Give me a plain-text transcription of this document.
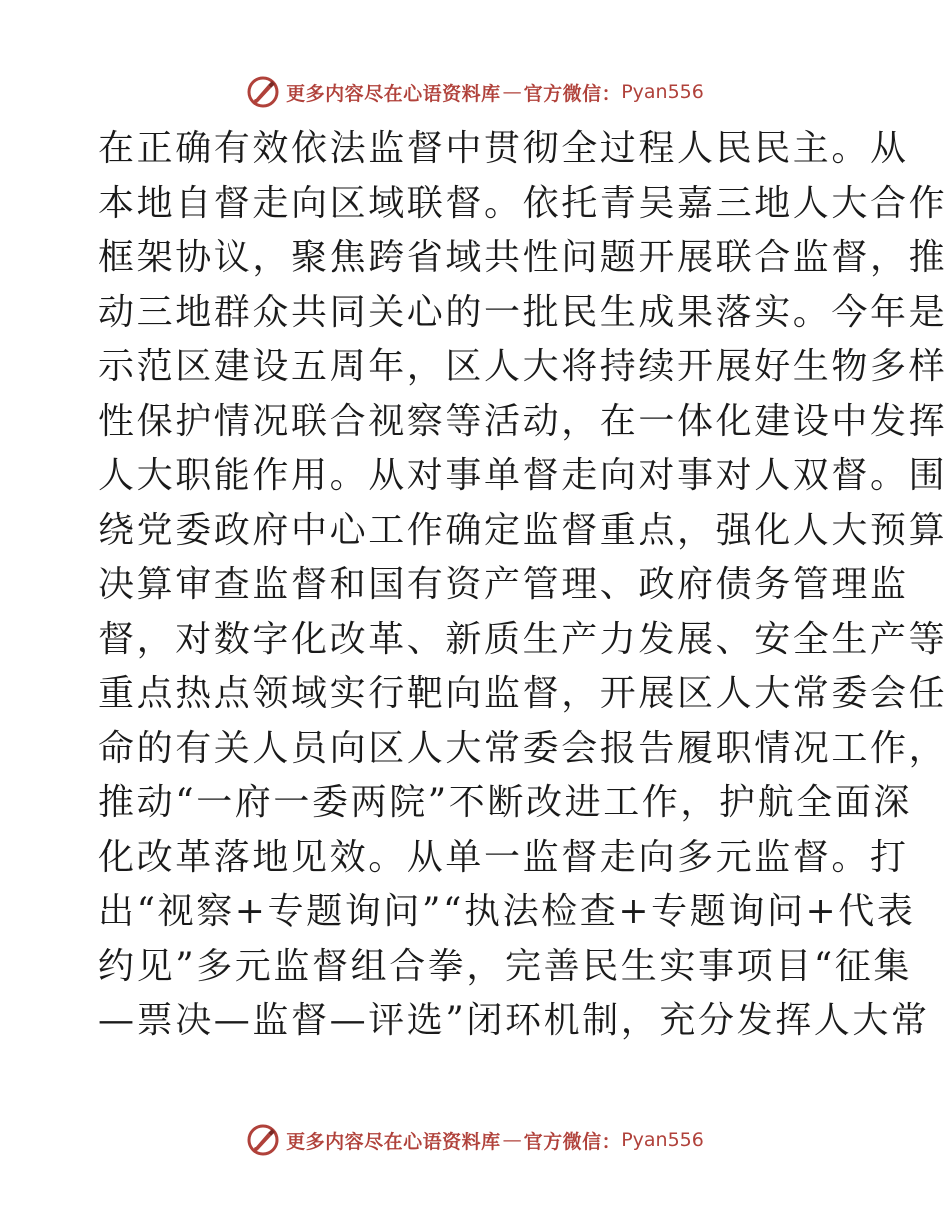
更多内容尽在心语资料库 — 官方微信： Pyan556
在正确有效依法监督中贯彻全过程人民民主。从
本地自督走向区域联督。依托青吴嘉三地人大合作
框架协议，聚焦跨省域共性问题开展联合监督，推
动三地群众共同关心的一批民生成果落实。今年是
示范区建设五周年，区人大将持续开展好生物多样
性保护情况联合视察等活动，在一体化建设中发挥
人大职能作用。从对事单督走向对事对人双督。围
绕党委政府中心工作确定监督重点，强化人大预算
决算审查监督和国有资产管理、政府债务管理监
督，对数字化改革、新质生产力发展、安全生产等
重点热点领域实行靶向监督，开展区人大常委会任
命的有关人员向区人大常委会报告履职情况工作，
推动“一府一委两院”不断改进工作，护航全面深
化改革落地见效。从单一监督走向多元监督。打
出“视察+专题询问”“执法检查+专题询问+代表
约见”多元监督组合拳，完善民生实事项目“征集
—票决—监督—评选”闭环机制，充分发挥人大常
更多内容尽在心语资料库 — 官方微信： Pyan556
